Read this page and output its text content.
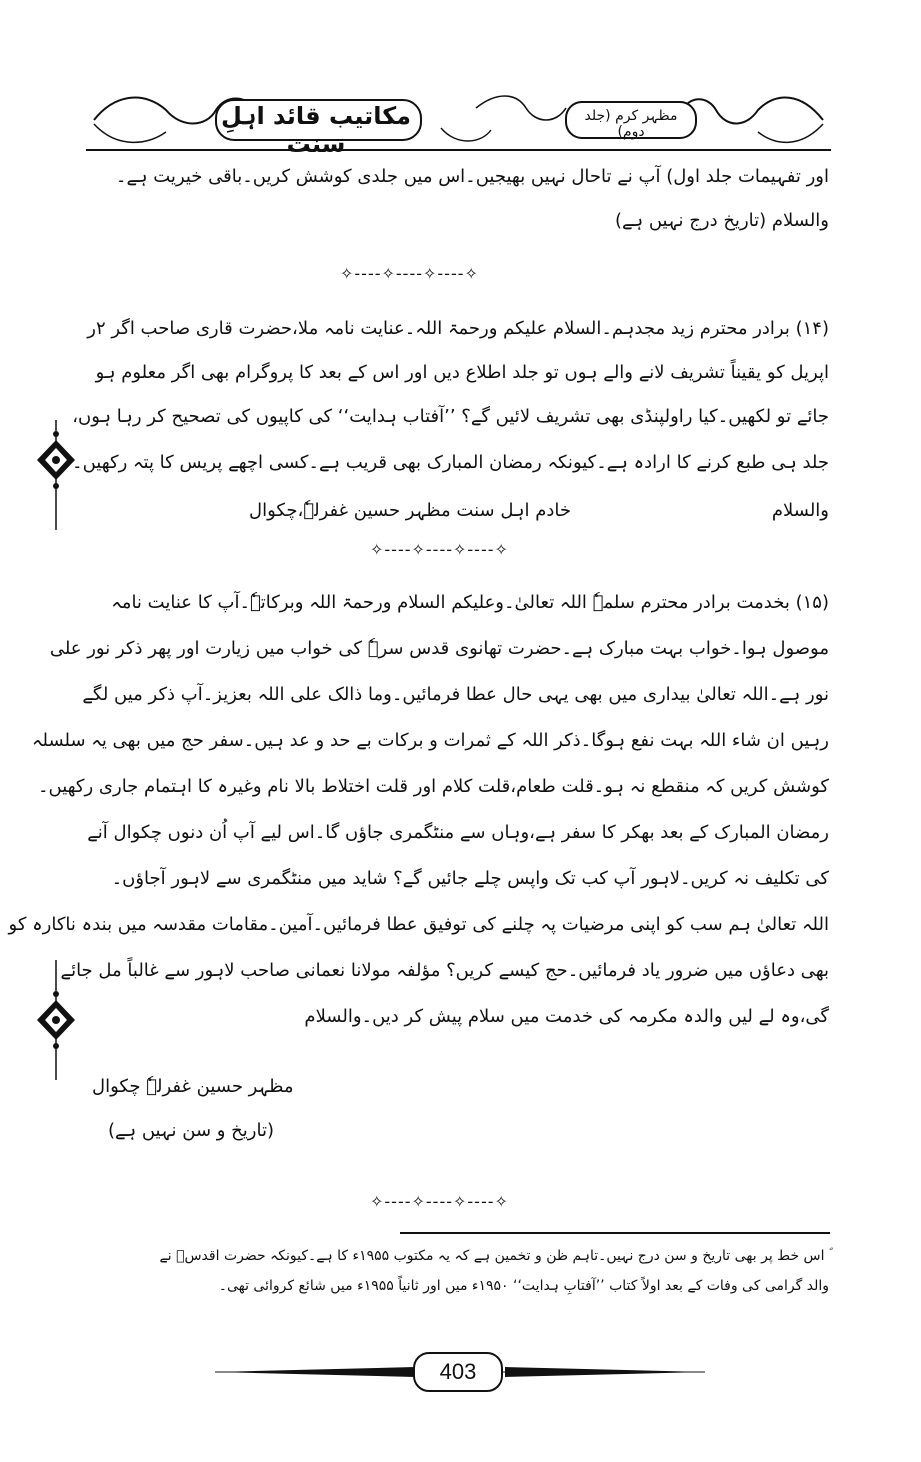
مکاتیب قائد اہلِ سنت
مظہر کرم (جلد دوم)
اور تفہیمات جلد اول) آپ نے تاحال نہیں بھیجیں۔اس میں جلدی کوشش کریں۔باقی خیریت ہے۔
والسلام (تاریخ درج نہیں ہے)
✧----✧----✧----✧
(۱۴) برادر محترم زید مجدہم۔السلام علیکم ورحمۃ اللہ۔عنایت نامہ ملا،حضرت قاری صاحب اگر ۲ر
اپریل کو یقیناً تشریف لانے والے ہوں تو جلد اطلاع دیں اور اس کے بعد کا پروگرام بھی اگر معلوم ہو
جائے تو لکھیں۔کیا راولپنڈی بھی تشریف لائیں گے؟ ’’آفتاب ہدایت‘‘ کی کاپیوں کی تصحیح کر رہا ہوں،
جلد ہی طبع کرنے کا ارادہ ہے۔کیونکہ رمضان المبارک بھی قریب ہے۔کسی اچھے پریس کا پتہ رکھیں۔
والسلام
خادم اہل سنت مظہر حسین غفرلہٗ،چکوال
✧----✧----✧----✧
(۱۵) بخدمت برادر محترم سلمہٗ اللہ تعالیٰ۔وعلیکم السلام ورحمۃ اللہ وبرکاتہٗ۔آپ کا عنایت نامہ
موصول ہوا۔خواب بہت مبارک ہے۔حضرت تھانوی قدس سرہٗ کی خواب میں زیارت اور پھر ذکر نور علی
نور ہے۔اللہ تعالیٰ بیداری میں بھی یہی حال عطا فرمائیں۔وما ذالک علی اللہ بعزیز۔آپ ذکر میں لگے
رہیں ان شاء اللہ بہت نفع ہوگا۔ذکر اللہ کے ثمرات و برکات بے حد و عد ہیں۔سفر حج میں بھی یہ سلسلہ
کوشش کریں کہ منقطع نہ ہو۔قلت طعام،قلت کلام اور قلت اختلاط بالا نام وغیرہ کا اہتمام جاری رکھیں۔
رمضان المبارک کے بعد بھکر کا سفر ہے،وہاں سے منٹگمری جاؤں گا۔اس لیے آپ اُن دنوں چکوال آنے
کی تکلیف نہ کریں۔لاہور آپ کب تک واپس چلے جائیں گے؟ شاید میں منٹگمری سے لاہور آجاؤں۔
اللہ تعالیٰ ہم سب کو اپنی مرضیات پہ چلنے کی توفیق عطا فرمائیں۔آمین۔مقامات مقدسہ میں بندہ ناکارہ کو
بھی دعاؤں میں ضرور یاد فرمائیں۔حج کیسے کریں؟ مؤلفہ مولانا نعمانی صاحب لاہور سے غالباً مل جائے
گی،وہ لے لیں والدہ مکرمہ کی خدمت میں سلام پیش کر دیں۔والسلام
مظہر حسین غفرلہٗ چکوال
(تاریخ و سن نہیں ہے)
✧----✧----✧----✧
ؐ اس خط پر بھی تاریخ و سن درج نہیں۔تاہم ظن و تخمین ہے کہ یہ مکتوب ۱۹۵۵ء کا ہے۔کیونکہ حضرت اقدسؒ نے
والد گرامی کی وفات کے بعد اولاً کتاب ’’آفتابِ ہدایت‘‘ ۱۹۵۰ء میں اور ثانیاً ۱۹۵۵ء میں شائع کروائی تھی۔
403
